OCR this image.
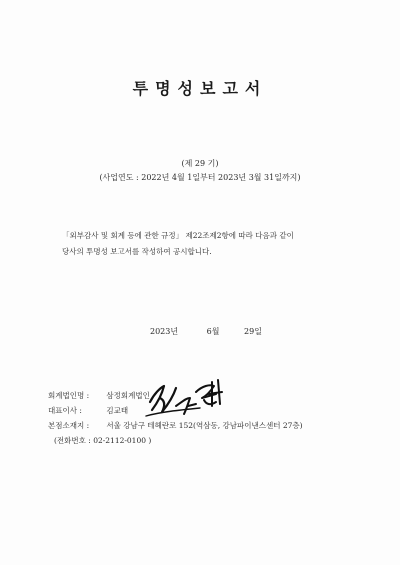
투명성보고서
(제 29 기)
(사업연도 : 2022년 4월 1일부터 2023년 3월 31일까지)
「외부감사 및 회계 등에 관한 규정」 제22조제2항에 따라 다음과 같이
당사의 투명성 보고서를 작성하여 공시합니다.
2023년	6월	29일
회계법인명 : 삼정회계법인
대표이사 :	김교태
본점소재지 : 서울 강남구 테헤란로 152(역삼동, 강남파이낸스센터 27층)
(전화번호 : 02-2112-0100 )
